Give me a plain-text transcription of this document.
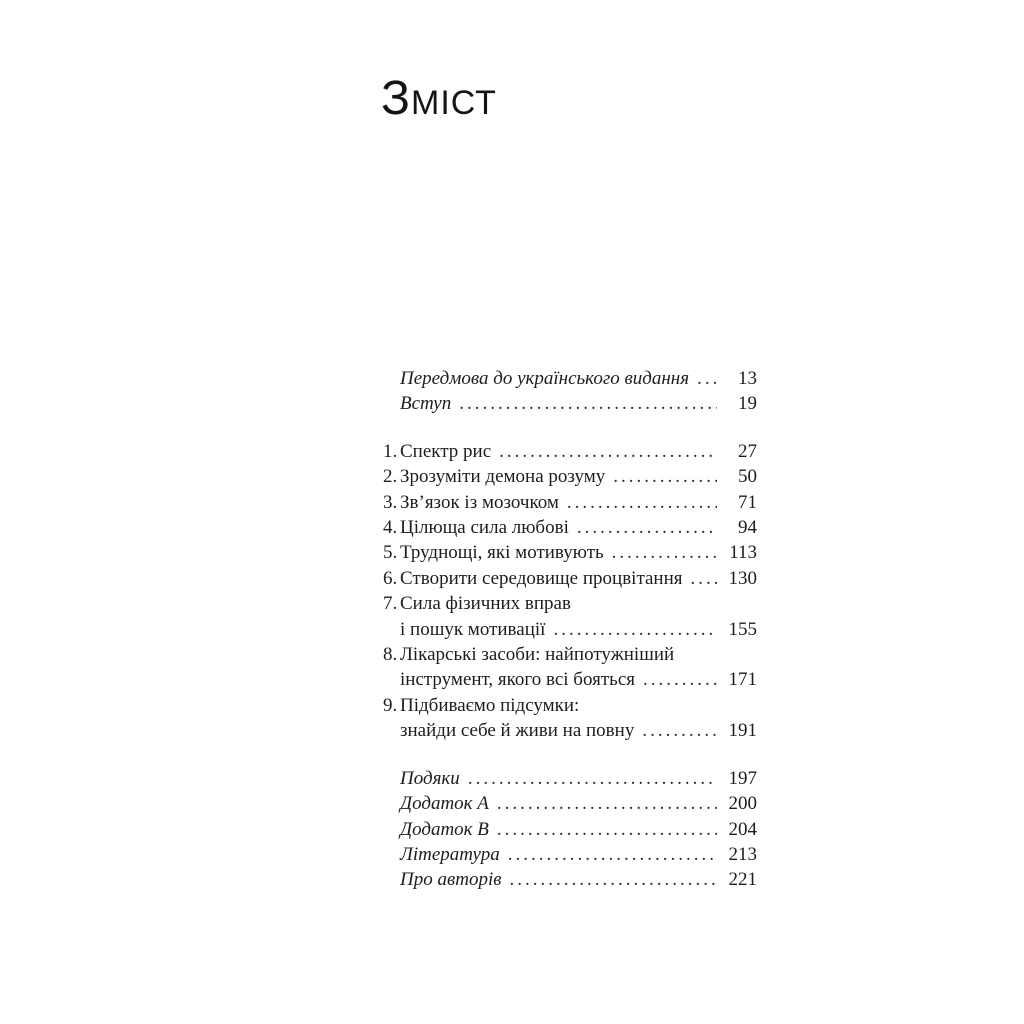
Зміст
Передмова до українського видання .....	13
Вступ .....	19
1. Спектр рис .....	27
2. Зрозуміти демона розуму .....	50
3. Зв’язок із мозочком .....	71
4. Цілюща сила любові .....	94
5. Труднощі, які мотивують .....	113
6. Створити середовище процвітання ..... 130
7. Сила фізичних вправ
і пошук мотивації .....	155
8. Лікарські засоби: найпотужніший
інструмент, якого всі бояться .....	171
9. Підбиваємо підсумки:
знайди себе й живи на повну .....	191
Подяки .....	197
Додаток А .....	200
Додаток В .....	204
Література .....	213
Про авторів .....	221
